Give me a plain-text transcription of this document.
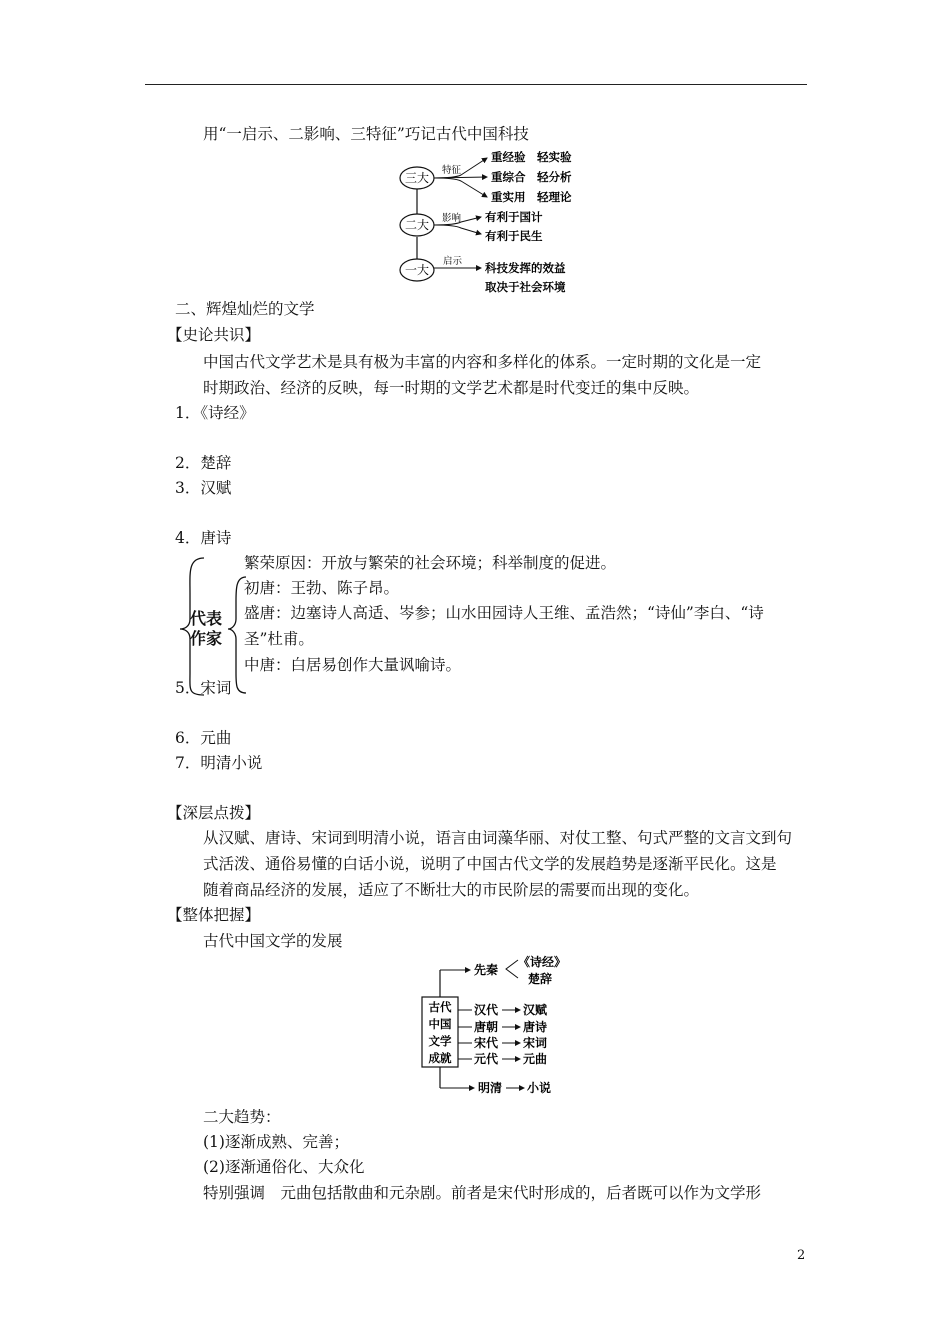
用“一启示、二影响、三特征”巧记古代中国科技
三大
二大
一大
特征
重经验　轻实验
重综合　轻分析
重实用　轻理论
影响 有利于国计
有利于民生
启示 科技发挥的效益
取决于社会环境
二、辉煌灿烂的文学
【史论共识】
中国古代文学艺术是具有极为丰富的内容和多样化的体系。一定时期的文化是一定
时期政治、经济的反映，每一时期的文学艺术都是时代变迁的集中反映。
1．《诗经》
2．楚辞
3．汉赋
4．唐诗
繁荣原因：开放与繁荣的社会环境；科举制度的促进。
代表
作家
初唐：王勃、陈子昂。
盛唐：边塞诗人高适、岑参；山水田园诗人王维、孟浩然；“诗仙”李白、“诗
圣”杜甫。
中唐：白居易创作大量讽喻诗。
5．宋词
6．元曲
7．明清小说
【深层点拨】
从汉赋、唐诗、宋词到明清小说，语言由词藻华丽、对仗工整、句式严整的文言文到句
式活泼、通俗易懂的白话小说，说明了中国古代文学的发展趋势是逐渐平民化。这是
随着商品经济的发展，适应了不断壮大的市民阶层的需要而出现的变化。
【整体把握】
古代中国文学的发展
古代
中国
文学
成就
先秦
《诗经》
楚辞
汉代 汉赋
唐朝 唐诗
宋代 宋词
元代 元曲
明清 小说
二大趋势：
(1)逐渐成熟、完善；
(2)逐渐通俗化、大众化
特别强调　元曲包括散曲和元杂剧。前者是宋代时形成的，后者既可以作为文学形
2
